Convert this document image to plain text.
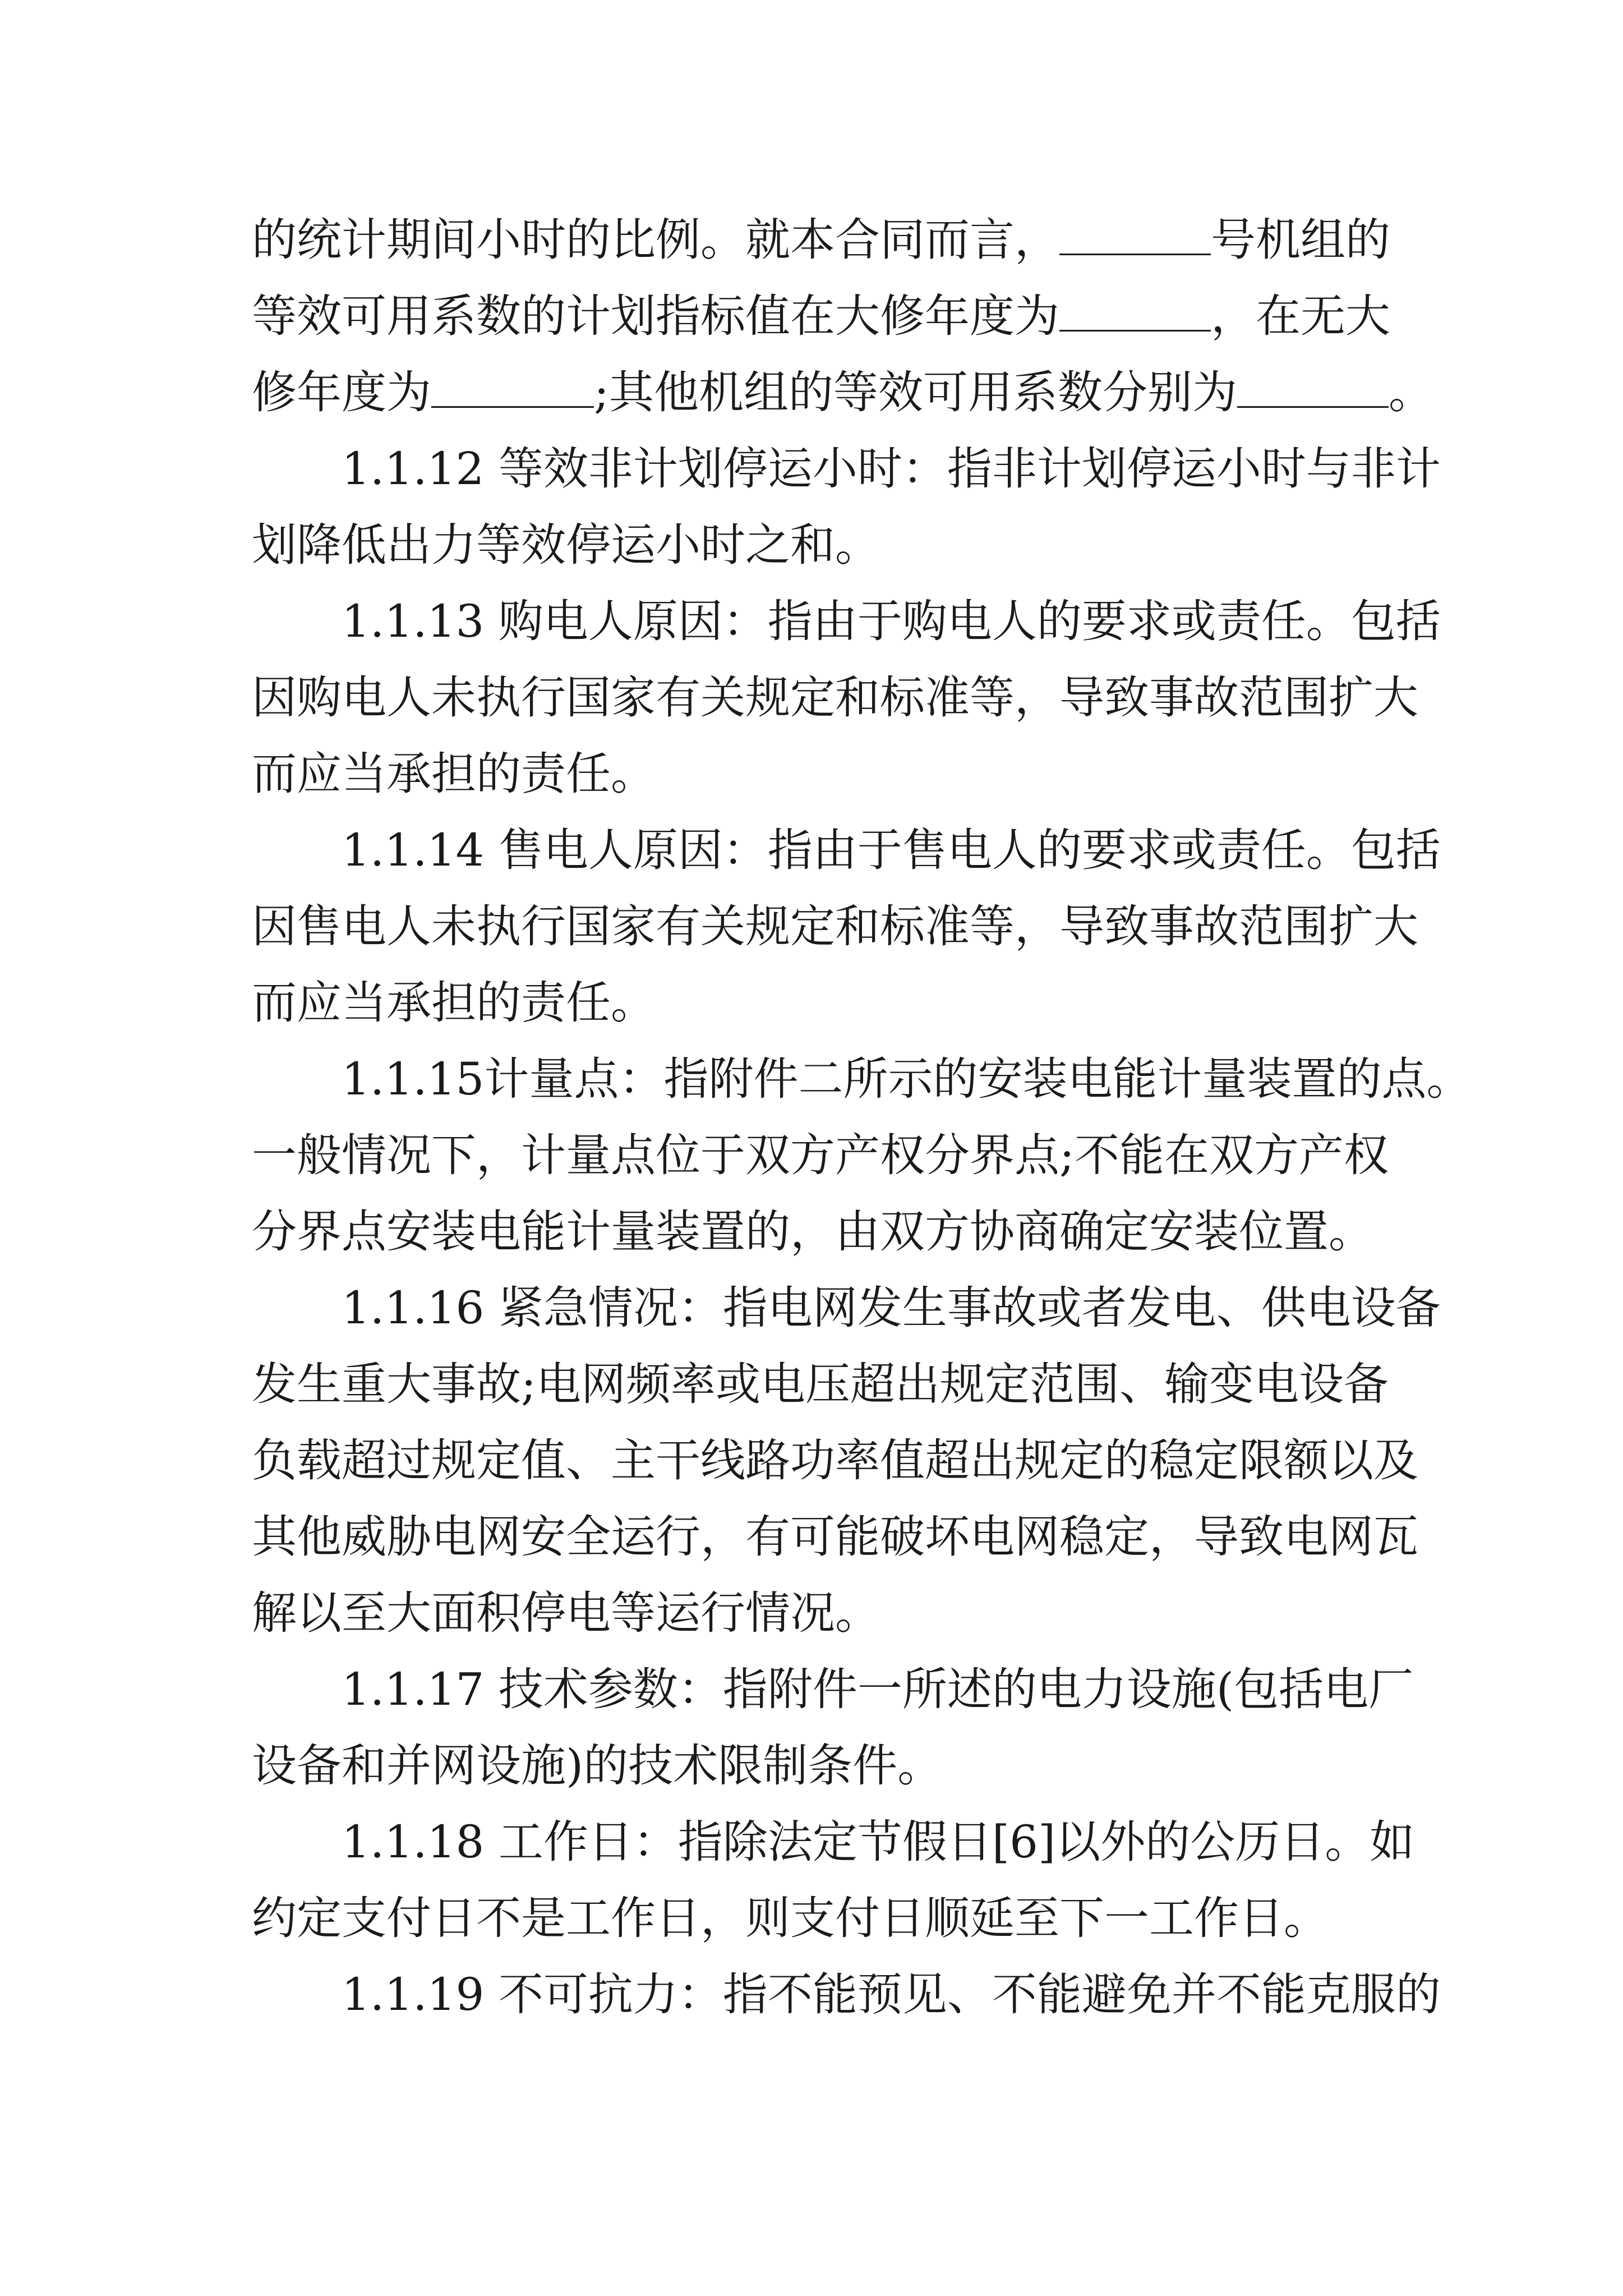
的统计期间小时的比例。就本合同而言，	号机组的
等效可用系数的计划指标值在大修年度为	，在无大
修年度为	;其他机组的等效可用系数分别为	。
1.1.12 等效非计划停运小时：指非计划停运小时与非计
划降低出力等效停运小时之和。
1.1.13 购电人原因：指由于购电人的要求或责任。包括
因购电人未执行国家有关规定和标准等，导致事故范围扩大
而应当承担的责任。
1.1.14 售电人原因：指由于售电人的要求或责任。包括
因售电人未执行国家有关规定和标准等，导致事故范围扩大
而应当承担的责任。
1.1.15计量点：指附件二所示的安装电能计量装置的点。
一般情况下，计量点位于双方产权分界点;不能在双方产权
分界点安装电能计量装置的，由双方协商确定安装位置。
1.1.16 紧急情况：指电网发生事故或者发电、供电设备
发生重大事故;电网频率或电压超出规定范围、输变电设备
负载超过规定值、主干线路功率值超出规定的稳定限额以及
其他威胁电网安全运行，有可能破坏电网稳定，导致电网瓦
解以至大面积停电等运行情况。
1.1.17 技术参数：指附件一所述的电力设施(包括电厂
设备和并网设施)的技术限制条件。
1.1.18 工作日：指除法定节假日[6]以外的公历日。如
约定支付日不是工作日，则支付日顺延至下一工作日。
1.1.19 不可抗力：指不能预见、不能避免并不能克服的
